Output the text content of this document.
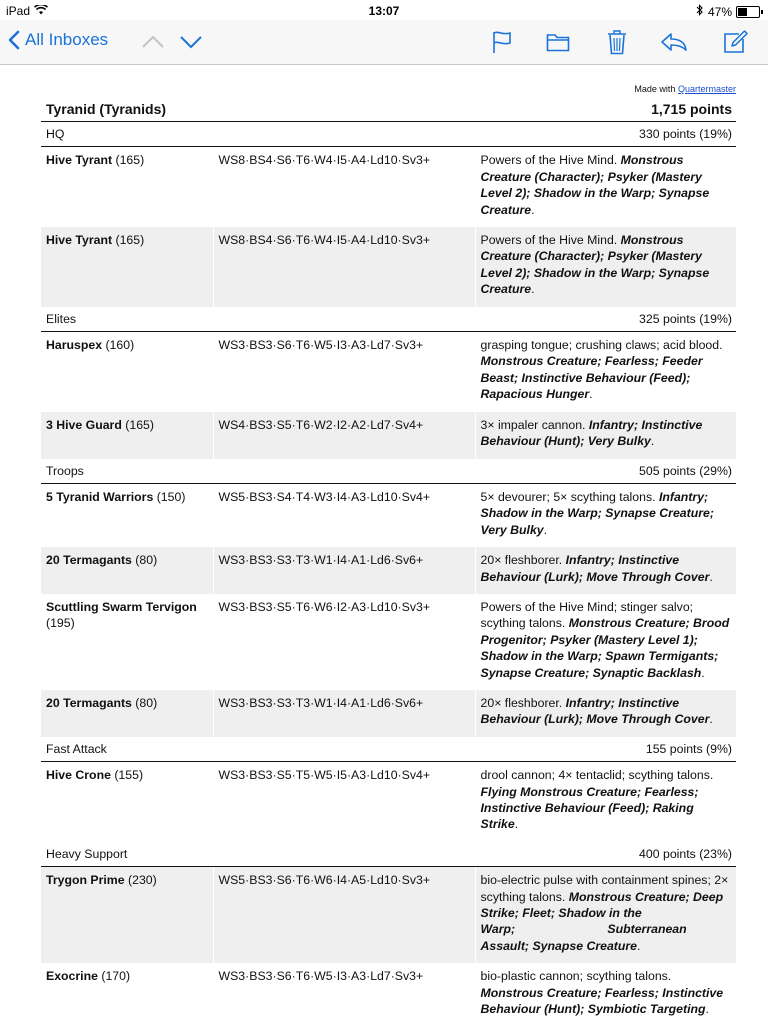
iPad	13:07	47%
All Inboxes
Made with Quartermaster
Tyranid (Tyranids)	1,715 points
HQ		330 points (19%)
Hive Tyrant (165)	WS8·BS4·S6·T6·W4·I5·A4·Ld10·Sv3+	Powers of the Hive Mind. Monstrous Creature (Character); Psyker (Mastery Level 2); Shadow in the Warp; Synapse Creature.
Hive Tyrant (165)	WS8·BS4·S6·T6·W4·I5·A4·Ld10·Sv3+	Powers of the Hive Mind. Monstrous Creature (Character); Psyker (Mastery Level 2); Shadow in the Warp; Synapse Creature.
Elites		325 points (19%)
Haruspex (160)	WS3·BS3·S6·T6·W5·I3·A3·Ld7·Sv3+	grasping tongue; crushing claws; acid blood. Monstrous Creature; Fearless; Feeder Beast; Instinctive Behaviour (Feed); Rapacious Hunger.
3 Hive Guard (165)	WS4·BS3·S5·T6·W2·I2·A2·Ld7·Sv4+	3× impaler cannon. Infantry; Instinctive Behaviour (Hunt); Very Bulky.
Troops		505 points (29%)
5 Tyranid Warriors (150)	WS5·BS3·S4·T4·W3·I4·A3·Ld10·Sv4+	5× devourer; 5× scything talons. Infantry; Shadow in the Warp; Synapse Creature; Very Bulky.
20 Termagants (80)	WS3·BS3·S3·T3·W1·I4·A1·Ld6·Sv6+	20× fleshborer. Infantry; Instinctive Behaviour (Lurk); Move Through Cover.
Scuttling Swarm Tervigon (195)	WS3·BS3·S5·T6·W6·I2·A3·Ld10·Sv3+	Powers of the Hive Mind; stinger salvo; scything talons. Monstrous Creature; Brood Progenitor; Psyker (Mastery Level 1); Shadow in the Warp; Spawn Termigants; Synapse Creature; Synaptic Backlash.
20 Termagants (80)	WS3·BS3·S3·T3·W1·I4·A1·Ld6·Sv6+	20× fleshborer. Infantry; Instinctive Behaviour (Lurk); Move Through Cover.
Fast Attack		155 points (9%)
Hive Crone (155)	WS3·BS3·S5·T5·W5·I5·A3·Ld10·Sv4+	drool cannon; 4× tentaclid; scything talons. Flying Monstrous Creature; Fearless; Instinctive Behaviour (Feed); Raking Strike.
Heavy Support		400 points (23%)
Trygon Prime (230)	WS5·BS3·S6·T6·W6·I4·A5·Ld10·Sv3+	bio-electric pulse with containment spines; 2× scything talons. Monstrous Creature; Deep Strike; Fleet; Shadow in the Warp;                           Subterranean Assault; Synapse Creature.
Exocrine (170)	WS3·BS3·S6·T6·W5·I3·A3·Ld7·Sv3+	bio-plastic cannon; scything talons. Monstrous Creature; Fearless; Instinctive Behaviour (Hunt); Symbiotic Targeting.
